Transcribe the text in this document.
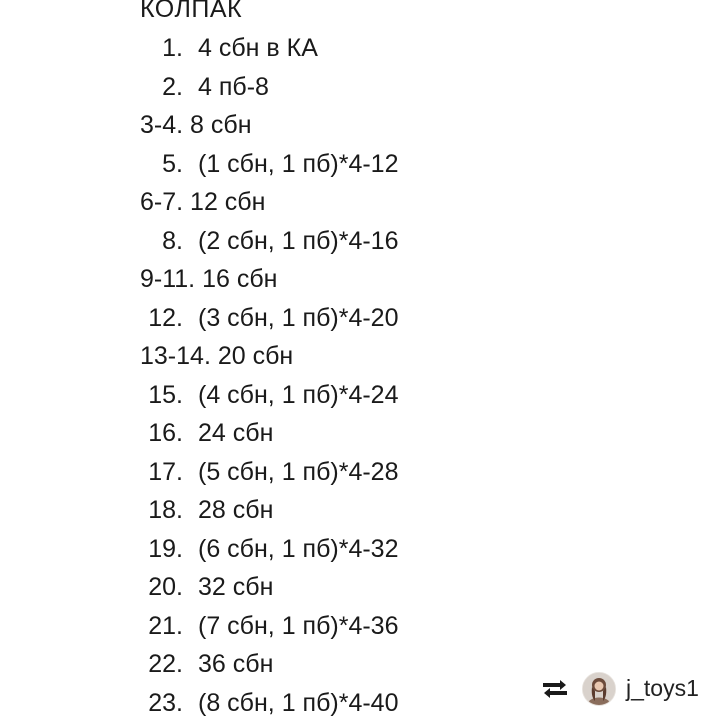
КОЛПАК
1. 4 сбн в КА
2. 4 пб-8
3-4. 8 сбн
5. (1 сбн, 1 пб)*4-12
6-7. 12 сбн
8. (2 сбн, 1 пб)*4-16
9-11. 16 сбн
12. (3 сбн, 1 пб)*4-20
13-14. 20 сбн
15. (4 сбн, 1 пб)*4-24
16. 24 сбн
17. (5 сбн, 1 пб)*4-28
18. 28 сбн
19. (6 сбн, 1 пб)*4-32
20. 32 сбн
21. (7 сбн, 1 пб)*4-36
22. 36 сбн
23. (8 сбн, 1 пб)*4-40
j_toys1
